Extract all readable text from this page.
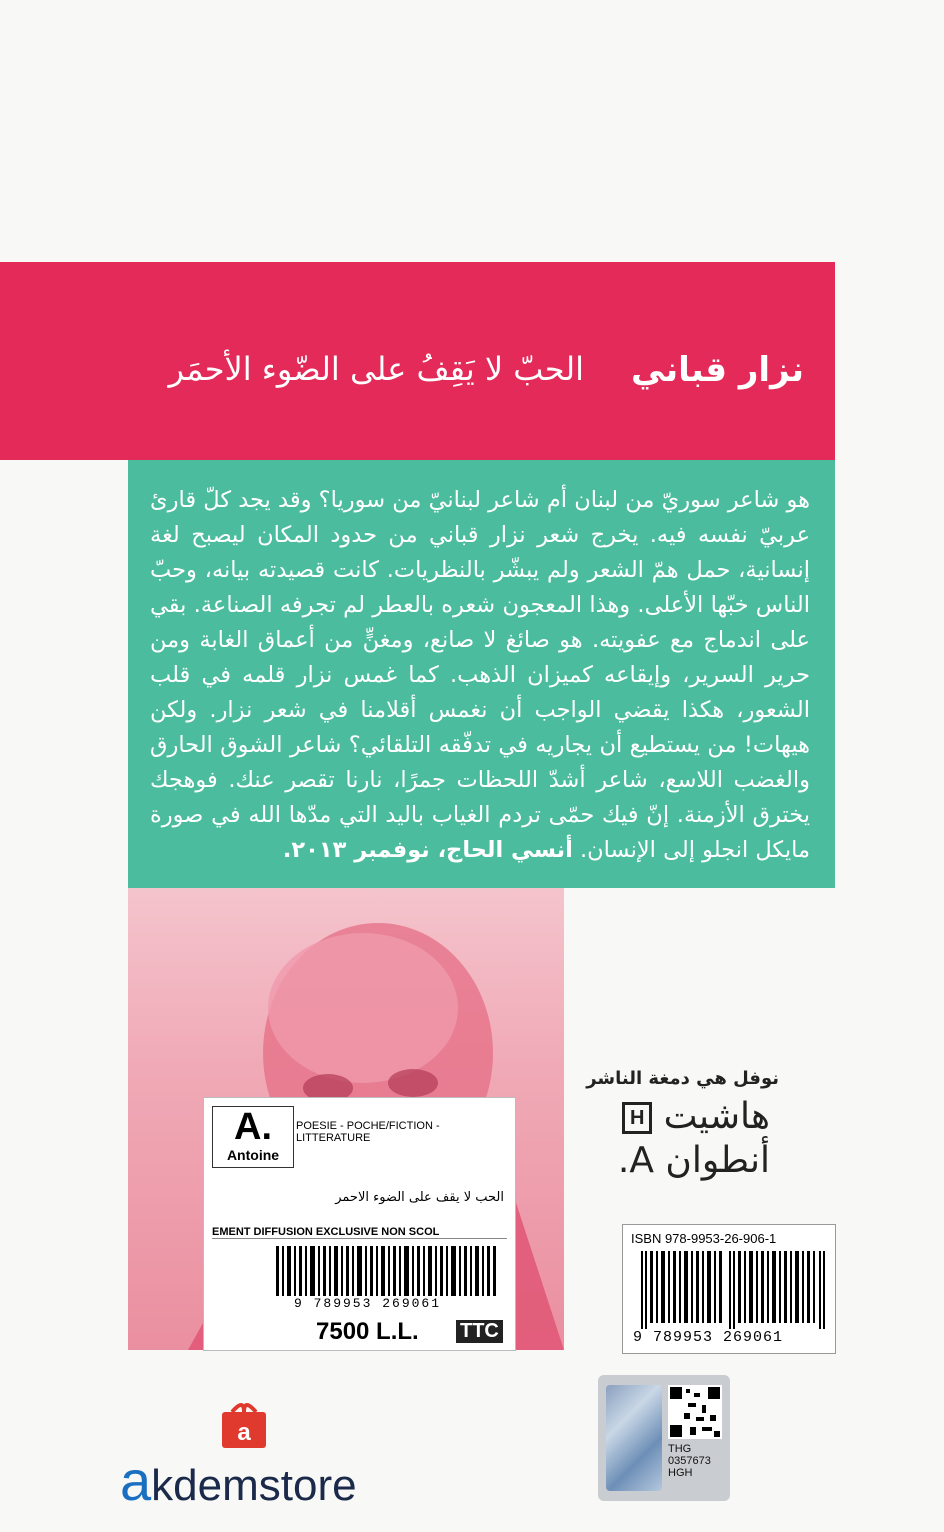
نزار قباني
الحبّ لا يَقِفُ على الضّوء الأحمَر
هو شاعر سوريّ من لبنان أم شاعر لبنانيّ من سوريا؟ وقد يجد كلّ قارئ عربيّ نفسه فيه. يخرج شعر نزار قباني من حدود المكان ليصبح لغة إنسانية، حمل همّ الشعر ولم يبشّر بالنظريات. كانت قصيدته بيانه، وحبّ الناس خبّها الأعلى. وهذا المعجون شعره بالعطر لم تجرفه الصناعة. بقي على اندماج مع عفويته. هو صائغ لا صانع، ومغنٍّ من أعماق الغابة ومن حرير السرير، وإيقاعه كميزان الذهب. كما غمس نزار قلمه في قلب الشعور، هكذا يقضي الواجب أن نغمس أقلامنا في شعر نزار. ولكن هيهات! من يستطيع أن يجاريه في تدفّقه التلقائي؟ شاعر الشوق الحارق والغضب اللاسع، شاعر أشدّ اللحظات جمرًا، نارنا تقصر عنك. فوهجك يخترق الأزمنة. إنّ فيك حمّى تردم الغياب باليد التي مدّها الله في صورة مايكل انجلو إلى الإنسان. أنسي الحاج، نوفمبر ٢٠١٣.
A.
Antoine
POESIE - POCHE/FICTION - LITTERATURE
الحب لا يقف على الضوء الاحمر
EMENT DIFFUSION EXCLUSIVE NON SCOL
9 789953 269061
7500 L.L. TTC
نوفل هي دمغة الناشر
هاشيت H
أنطوان A.
ISBN 978-9953-26-906-1
9 789953 269061
THG
0357673
HGH
a
akdemstore
